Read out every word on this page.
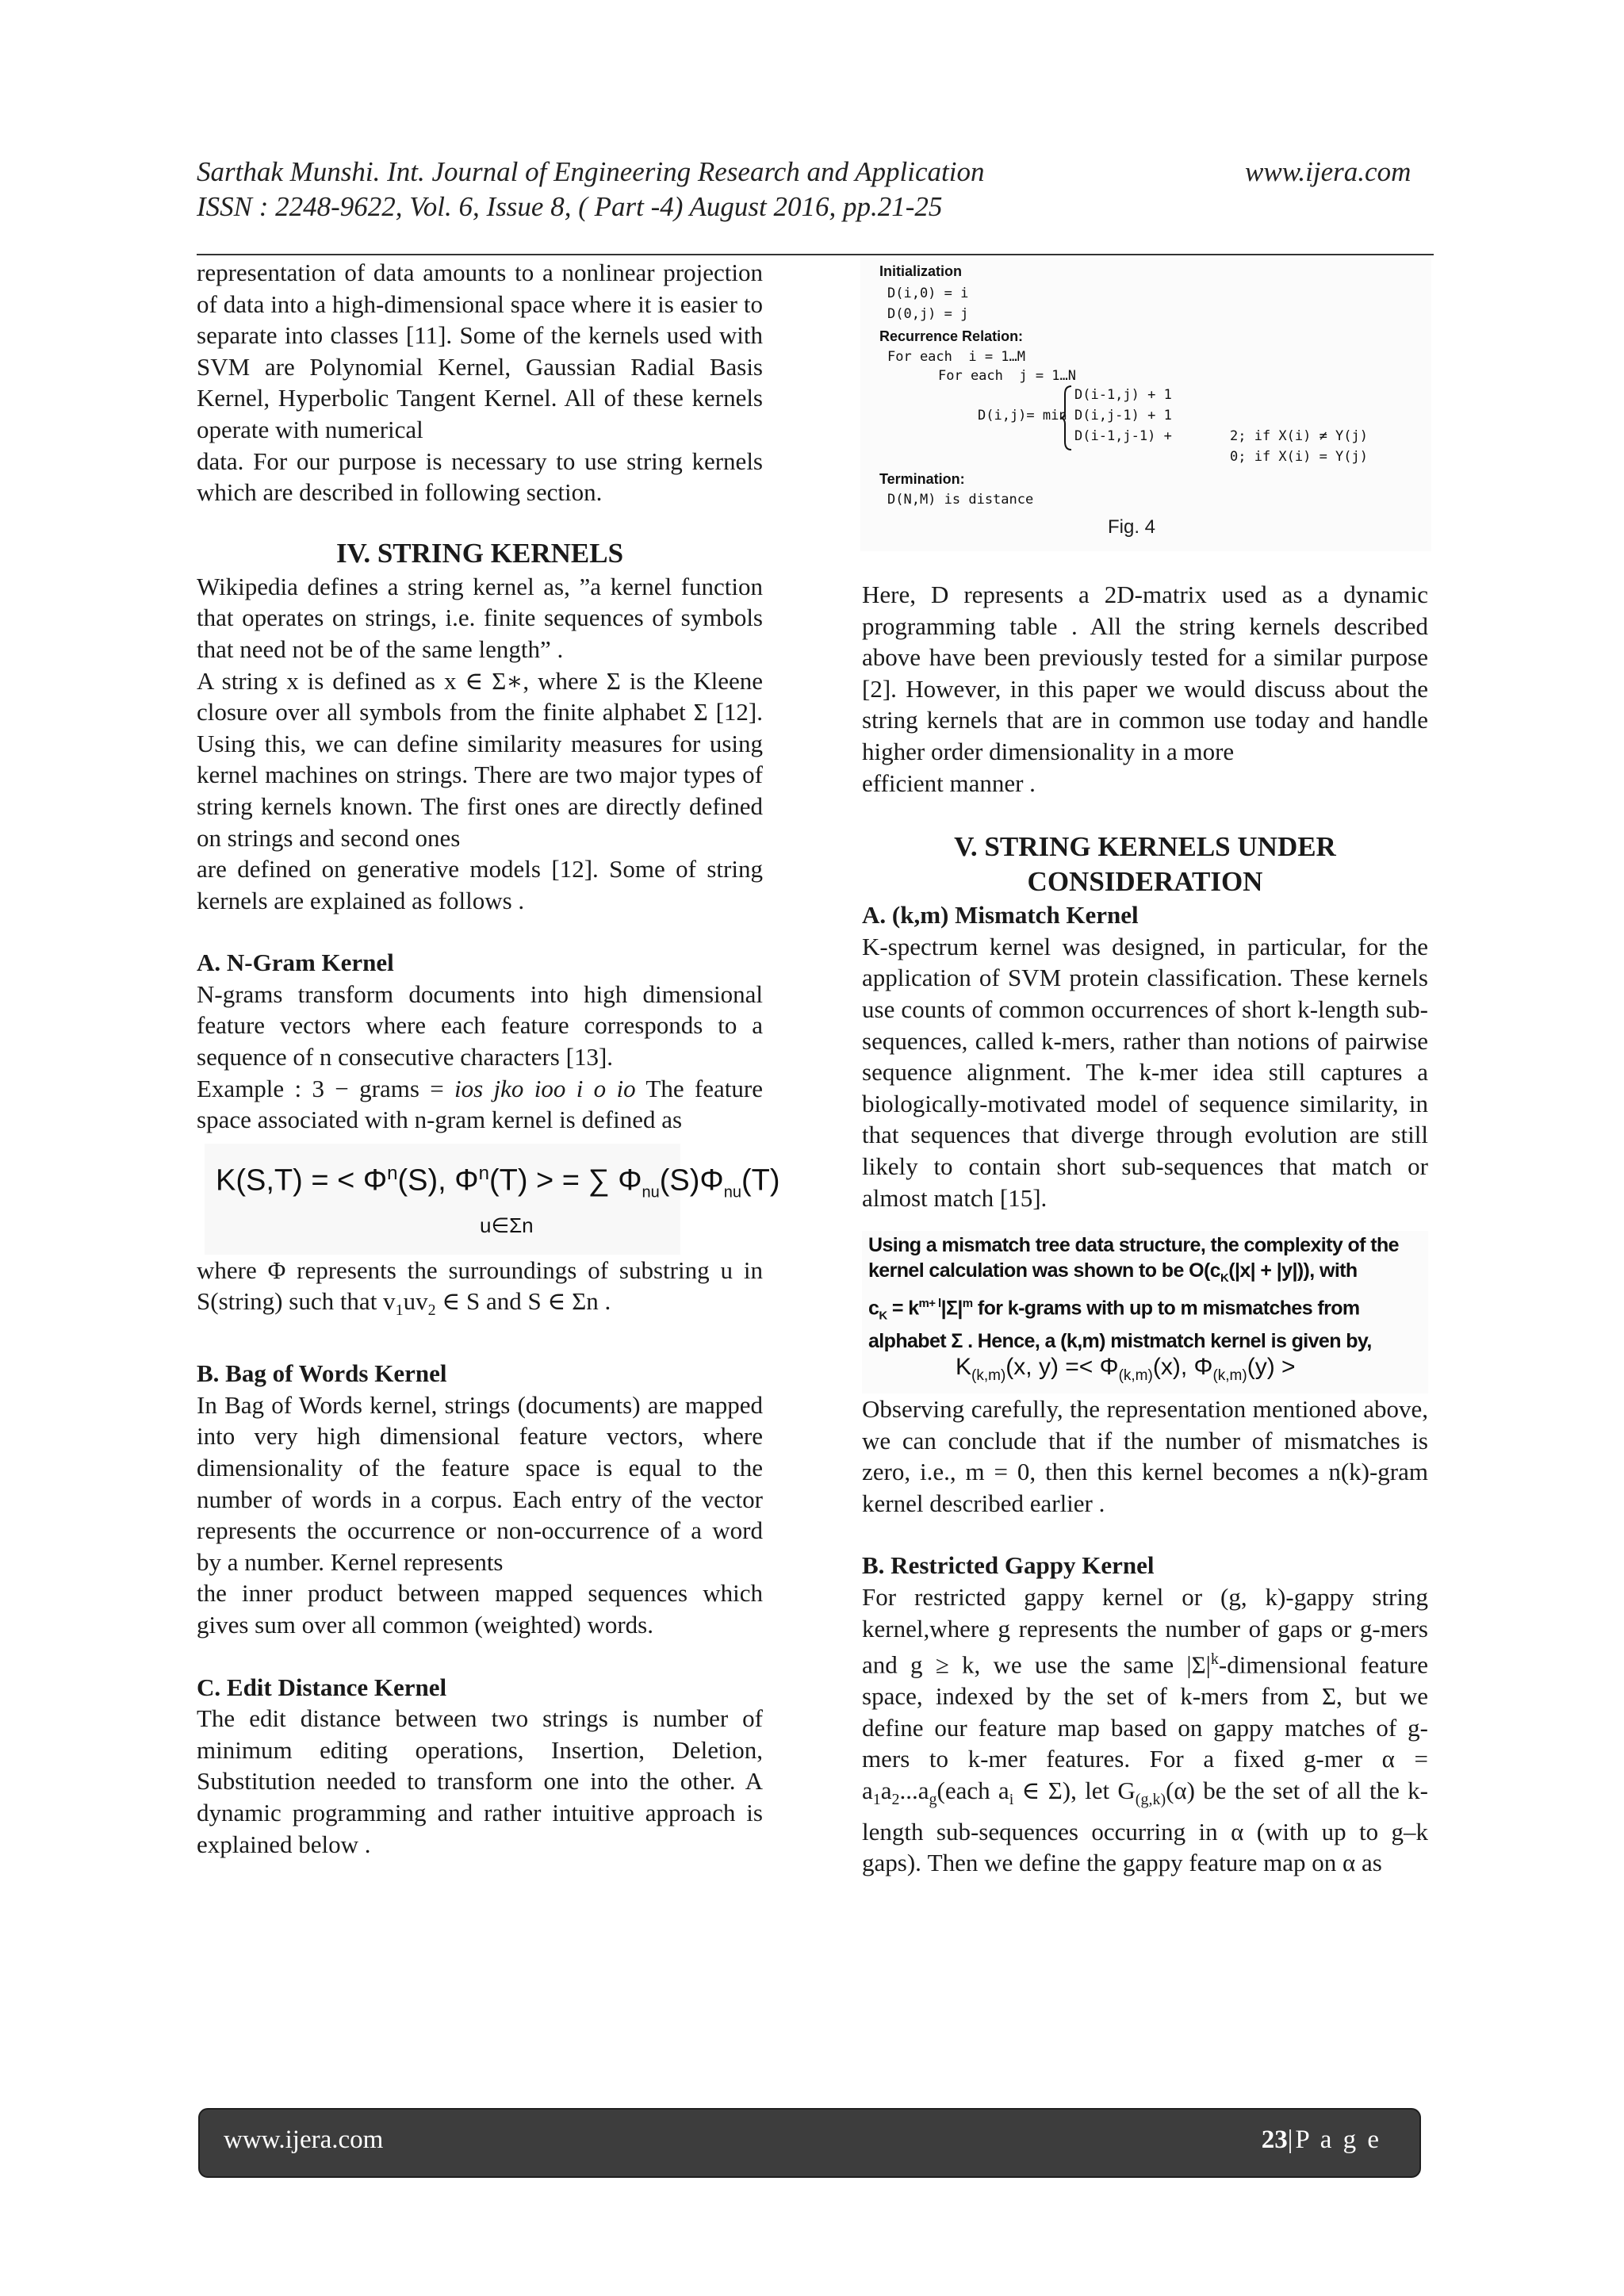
Sarthak Munshi. Int. Journal of Engineering Research and Application	www.ijera.com
ISSN : 2248-9622, Vol. 6, Issue 8, ( Part -4) August 2016, pp.21-25

representation of data amounts to a nonlinear projection of data into a high-dimensional space where it is easier to separate into classes [11]. Some of the kernels used with SVM are Polynomial Kernel, Gaussian Radial Basis Kernel, Hyperbolic Tangent Kernel. All of these kernels operate with numerical

data. For our purpose is necessary to use string kernels which are described in following section.

IV. STRING KERNELS

Wikipedia defines a string kernel as, ”a kernel function that operates on strings, i.e. finite sequences of symbols that need not be of the same length” .

A string x is defined as x ∈ Σ∗, where Σ is the Kleene closure over all symbols from the finite alphabet Σ [12]. Using this, we can define similarity measures for using kernel machines on strings. There are two major types of string kernels known. The first ones are directly defined on strings and second ones

are defined on generative models [12]. Some of string kernels are explained as follows .

A. N-Gram Kernel

N-grams transform documents into high dimensional feature vectors where each feature corresponds to a sequence of n consecutive characters [13].

Example : 3 − grams = ios jko ioo i o io The feature space associated with n-gram kernel is defined as

K(S,T) = < $\Phi^n(S)$, $\Phi^n(T)$ > = ∑ $\Phi_{nu}(S)\Phi_{nu}(T)$
u∈Σn

where Φ represents the surroundings of substring u in S(string) such that $v_1uv_2$ ∈ S and S ∈ Σn .

B. Bag of Words Kernel

In Bag of Words kernel, strings (documents) are mapped into very high dimensional feature vectors, where dimensionality of the feature space is equal to the number of words in a corpus. Each entry of the vector represents the occurrence or non-occurrence of a word by a number. Kernel represents

the inner product between mapped sequences which gives sum over all common (weighted) words.

C. Edit Distance Kernel

The edit distance between two strings is number of minimum editing operations, Insertion, Deletion, Substitution needed to transform one into the other. A dynamic programming and rather intuitive approach is explained below .

Initialization
D(i,0) = i
D(0,j) = j
Recurrence Relation:
For each  i = 1…M
For each  j = 1…N
D(i-1,j) + 1
D(i,j)= min D(i,j-1) + 1
D(i-1,j-1) +	2; if X(i) ≠ Y(j)
0; if X(i) = Y(j)
Termination:
D(N,M) is distance
Fig. 4

Here, D represents a 2D-matrix used as a dynamic programming table . All the string kernels described above have been previously tested for a similar purpose [2]. However, in this paper we would discuss about the string kernels that are in common use today and handle higher order dimensionality in a more

efficient manner .

V. STRING KERNELS UNDER

CONSIDERATION

A. (k,m) Mismatch Kernel

K-spectrum kernel was designed, in particular, for the application of SVM protein classification. These kernels use counts of common occurrences of short k-length sub- sequences, called k-mers, rather than notions of pairwise sequence alignment. The k-mer idea still captures a biologically-motivated model of sequence similarity, in that sequences that diverge through evolution are still likely to contain short sub-sequences that match or almost match [15].

Using a mismatch tree data structure, the complexity of the
kernel calculation was shown to be $O(c_K(|x| + |y|))$, with
$c_K = k^{m+ l}|\Sigma|^m$ for k-grams with up to m mismatches from
alphabet Σ . Hence, a (k,m) mistmatch kernel is given by,
$K_{(k,m)}(x$, $y) =< \Phi_{(k,m)}(x)$, $\Phi_{(k,m)}(y)$ >

Observing carefully, the representation mentioned above, we can conclude that if the number of mismatches is zero, i.e., m = 0, then this kernel becomes a n(k)-gram kernel described earlier .

B. Restricted Gappy Kernel

For restricted gappy kernel or (g, k)-gappy string kernel,where g represents the number of gaps or g-mers and g ≥ k, we use the same $|\Sigma|^k$-dimensional feature space, indexed by the set of k-mers from Σ, but we define our feature map based on gappy matches of g-mers to k-mer features. For a fixed g-mer $\alpha = a_1a_2...a_g(each$ $a_i$ ∈ Σ), let $G_{(g,k)}(\alpha)$ be the set of all the k-length sub-sequences occurring in α (with up to g–k gaps). Then we define the gappy feature map on α as

www.ijera.com	23|P a g e
